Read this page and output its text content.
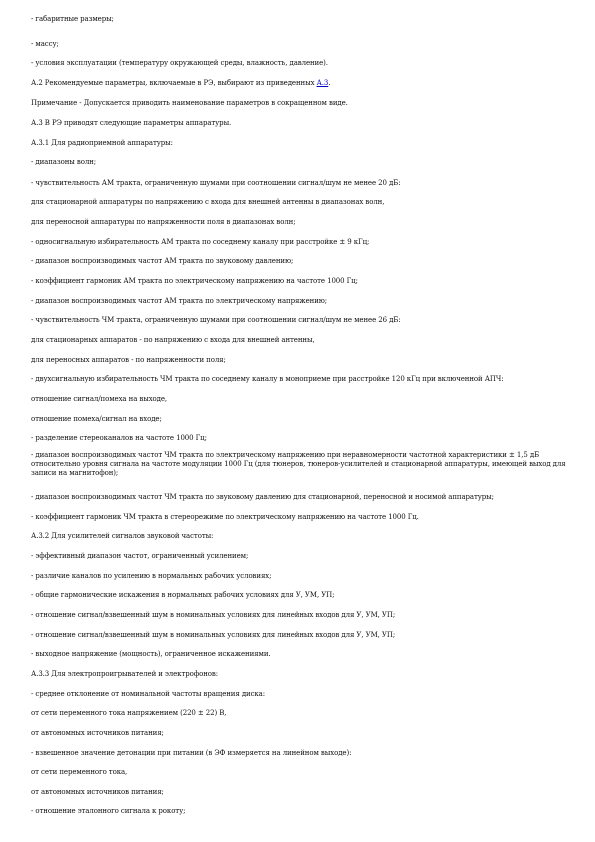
- габаритные размеры;
- массу;
- условия эксплуатации (температуру окружающей среды, влажность, давление).
А.2 Рекомендуемые параметры, включаемые в РЭ, выбирают из приведенных А.3.
Примечание - Допускается приводить наименование параметров в сокращенном виде.
А.3 В РЭ приводят следующие параметры аппаратуры.
А.3.1 Для радиоприемной аппаратуры:
- диапазоны волн;
- чувствительность АМ тракта, ограниченную шумами при соотношении сигнал/шум не менее 20 дБ:
для стационарной аппаратуры по напряжению с входа для внешней антенны в диапазонах волн,
для переносной аппаратуры по напряженности поля в диапазонах волн;
- односигнальную избирательность АМ тракта по соседнему каналу при расстройке ± 9 кГц;
- диапазон воспроизводимых частот АМ тракта по звуковому давлению;
- коэффициент гармоник АМ тракта по электрическому напряжению на частоте 1000 Гц;
- диапазон воспроизводимых частот АМ тракта по электрическому напряжению;
- чувствительность ЧМ тракта, ограниченную шумами при соотношении сигнал/шум не менее 26 дБ:
для стационарных аппаратов - по напряжению с входа для внешней антенны,
для переносных аппаратов - по напряженности поля;
- двухсигнальную избирательность ЧМ тракта по соседнему каналу в моноприеме при расстройке 120 кГц при включенной АПЧ:
отношение сигнал/помеха на выходе,
отношение помеха/сигнал на входе;
- разделение стереоканалов на частоте 1000 Гц;
- диапазон воспроизводимых частот ЧМ тракта по электрическому напряжению при неравномерности частотной характеристики ± 1,5 дБ относительно уровня сигнала на частоте модуляции 1000 Гц (для тюнеров, тюнеров-усилителей и стационарной аппаратуры, имеющей выход для записи на магнитофон);
- диапазон воспроизводимых частот ЧМ тракта по звуковому давлению для стационарной, переносной и носимой аппаратуры;
- коэффициент гармоник ЧМ тракта в стереорежиме по электрическому напряжению на частоте 1000 Гц.
А.3.2 Для усилителей сигналов звуковой частоты:
- эффективный диапазон частот, ограниченный усилением;
- различие каналов по усилению в нормальных рабочих условиях;
- общие гармонические искажения в нормальных рабочих условиях для У, УМ, УП;
- отношение сигнал/взвешенный шум в номинальных условиях для линейных входов для У, УМ, УП;
- отношение сигнал/взвешенный шум в номинальных условиях для линейных входов для У, УМ, УП;
- выходное напряжение (мощность), ограниченное искажениями.
А.3.3 Для электропроигрывателей и электрофонов:
- среднее отклонение от номинальной частоты вращения диска:
от сети переменного тока напряжением (220 ± 22) В,
от автономных источников питания;
- взвешенное значение детонации при питании (в ЭФ измеряется на линейном выходе):
от сети переменного тока,
от автономных источников питания;
- отношение эталонного сигнала к рокоту;
